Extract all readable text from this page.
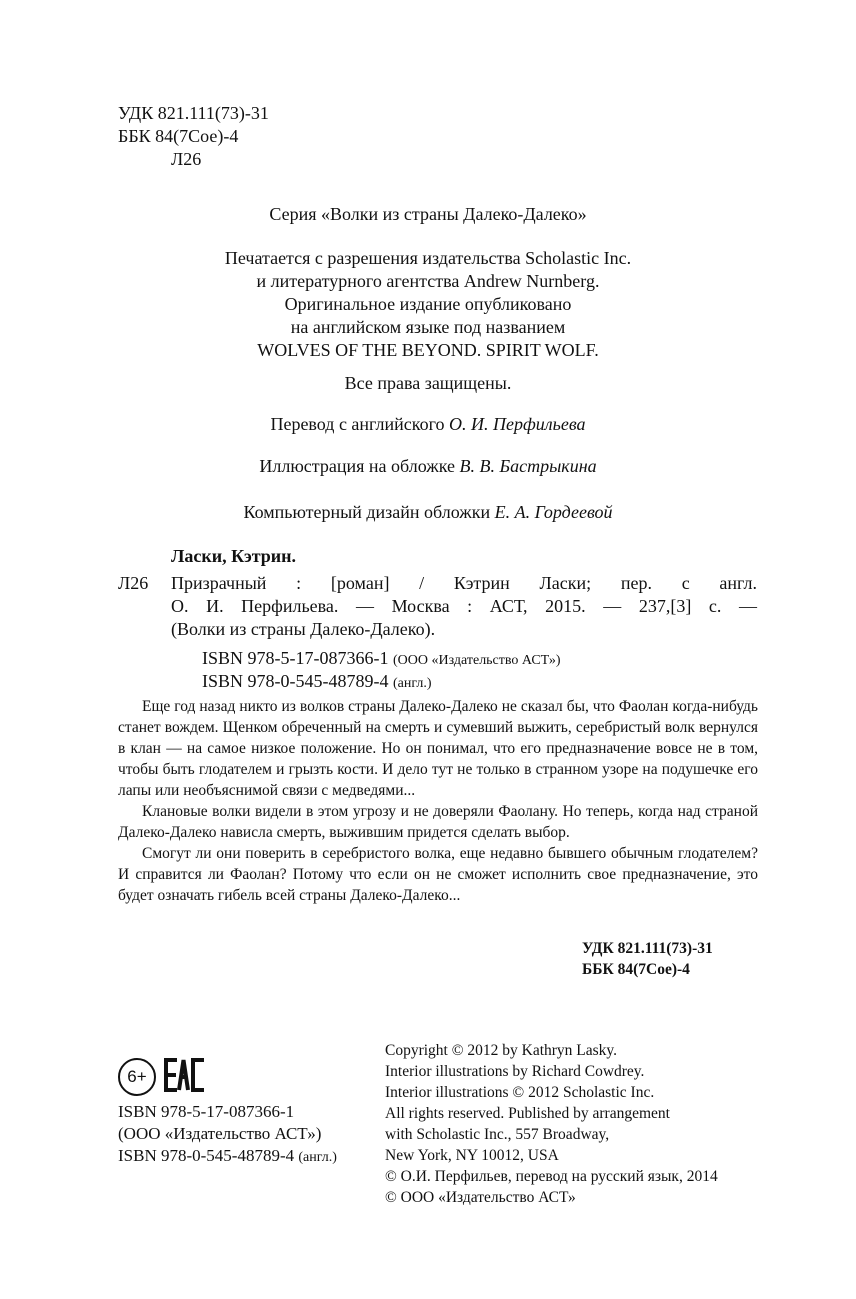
УДК 821.111(73)-31
ББК 84(7Сое)-4
Л26
Серия «Волки из страны Далеко-Далеко»
Печатается с разрешения издательства Scholastic Inc.
и литературного агентства Andrew Nurnberg.
Оригинальное издание опубликовано
на английском языке под названием
WOLVES OF THE BEYOND. SPIRIT WOLF.
Все права защищены.
Перевод с английского О. И. Перфильева
Иллюстрация на обложке В. В. Бастрыкина
Компьютерный дизайн обложки Е. А. Гордеевой
Ласки, Кэтрин.
Л26 Призрачный : [роман] / Кэтрин Ласки; пер. с англ.
О. И. Перфильева. — Москва : АСТ, 2015. — 237,[3] с. —
(Волки из страны Далеко-Далеко).
ISBN 978-5-17-087366-1 (ООО «Издательство АСТ»)
ISBN 978-0-545-48789-4 (англ.)

Еще год назад никто из волков страны Далеко-Далеко не сказал бы, что Фаолан когда-нибудь станет вождем. Щенком обреченный на смерть и сумевший выжить, серебристый волк вернулся в клан — на самое низкое положение. Но он понимал, что его предназначение вовсе не в том, чтобы быть глодателем и грызть кости. И дело тут не только в странном узоре на подушечке его лапы или необъяснимой связи с медведями...

Клановые волки видели в этом угрозу и не доверяли Фаолану. Но теперь, когда над страной Далеко-Далеко нависла смерть, выжившим придется сделать выбор.

Смогут ли они поверить в серебристого волка, еще недавно бывшего обычным глодателем? И справится ли Фаолан? Потому что если он не сможет исполнить свое предназначение, это будет означать гибель всей страны Далеко-Далеко...

УДК 821.111(73)-31
ББК 84(7Сое)-4
6+
ISBN 978-5-17-087366-1
(ООО «Издательство АСТ»)
ISBN 978-0-545-48789-4 (англ.)
Copyright © 2012 by Kathryn Lasky.
Interior illustrations by Richard Cowdrey.
Interior illustrations © 2012 Scholastic Inc.
All rights reserved. Published by arrangement
with Scholastic Inc., 557 Broadway,
New York, NY 10012, USA
© О.И. Перфильев, перевод на русский язык, 2014
© ООО «Издательство АСТ»
